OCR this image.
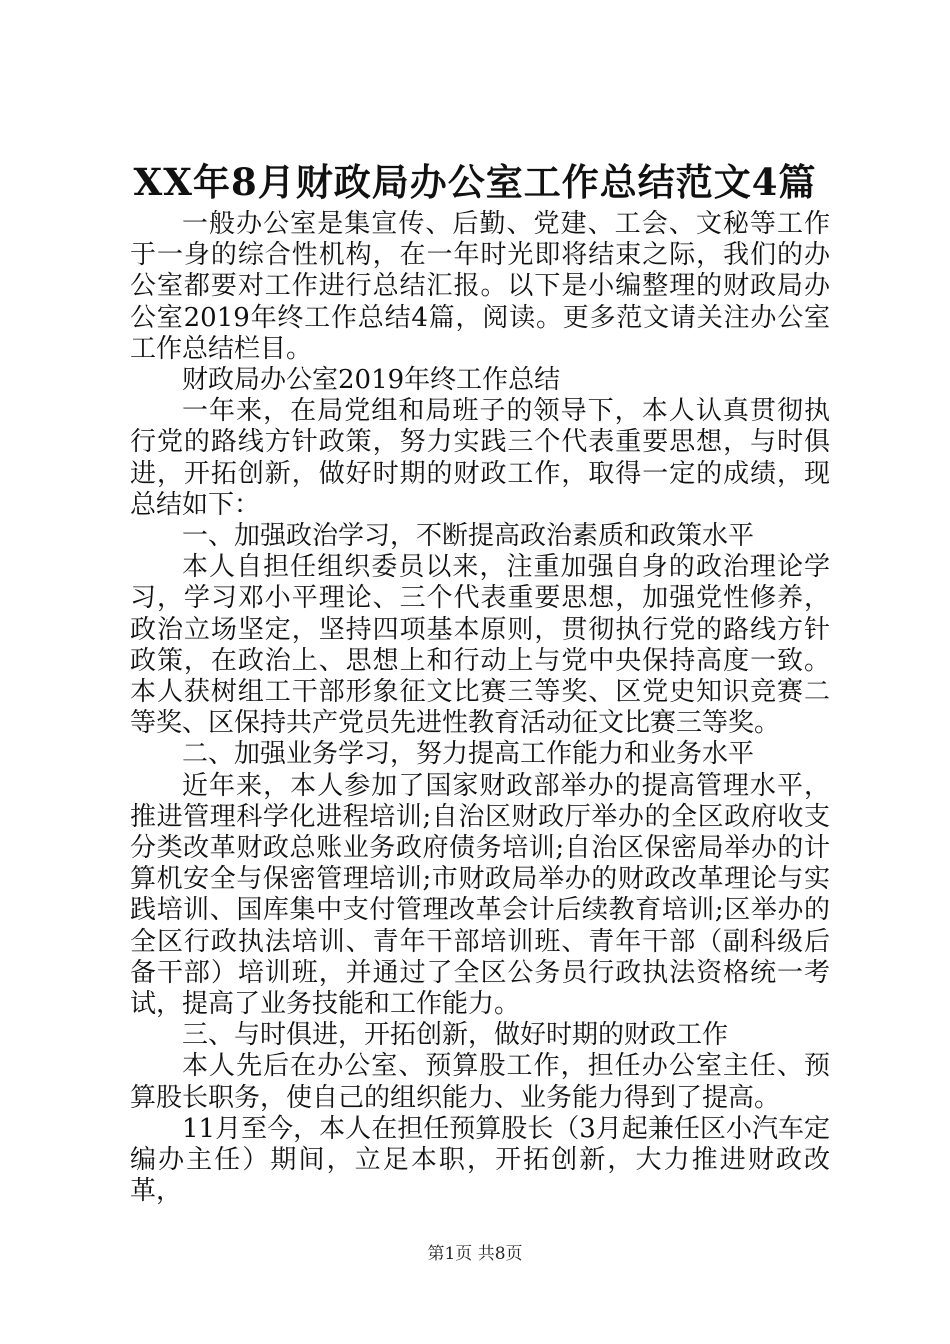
XX年8月财政局办公室工作总结范文4篇

一般办公室是集宣传、后勤、党建、工会、文秘等工作于一身的综合性机构，在一年时光即将结束之际，我们的办公室都要对工作进行总结汇报。以下是小编整理的财政局办公室2019年终工作总结4篇，阅读。更多范文请关注办公室工作总结栏目。

财政局办公室2019年终工作总结

一年来，在局党组和局班子的领导下，本人认真贯彻执行党的路线方针政策，努力实践三个代表重要思想，与时俱进，开拓创新，做好时期的财政工作，取得一定的成绩，现总结如下：

一、加强政治学习，不断提高政治素质和政策水平

本人自担任组织委员以来，注重加强自身的政治理论学习，学习邓小平理论、三个代表重要思想，加强党性修养，政治立场坚定，坚持四项基本原则，贯彻执行党的路线方针政策，在政治上、思想上和行动上与党中央保持高度一致。本人获树组工干部形象征文比赛三等奖、区党史知识竞赛二等奖、区保持共产党员先进性教育活动征文比赛三等奖。

二、加强业务学习，努力提高工作能力和业务水平

近年来，本人参加了国家财政部举办的提高管理水平，推进管理科学化进程培训;自治区财政厅举办的全区政府收支分类改革财政总账业务政府债务培训;自治区保密局举办的计算机安全与保密管理培训;市财政局举办的财政改革理论与实践培训、国库集中支付管理改革会计后续教育培训;区举办的全区行政执法培训、青年干部培训班、青年干部（副科级后备干部）培训班，并通过了全区公务员行政执法资格统一考试，提高了业务技能和工作能力。

三、与时俱进，开拓创新，做好时期的财政工作

本人先后在办公室、预算股工作，担任办公室主任、预算股长职务，使自己的组织能力、业务能力得到了提高。

11月至今，本人在担任预算股长（3月起兼任区小汽车定编办主任）期间，立足本职，开拓创新，大力推进财政改革，

第1页 共8页
